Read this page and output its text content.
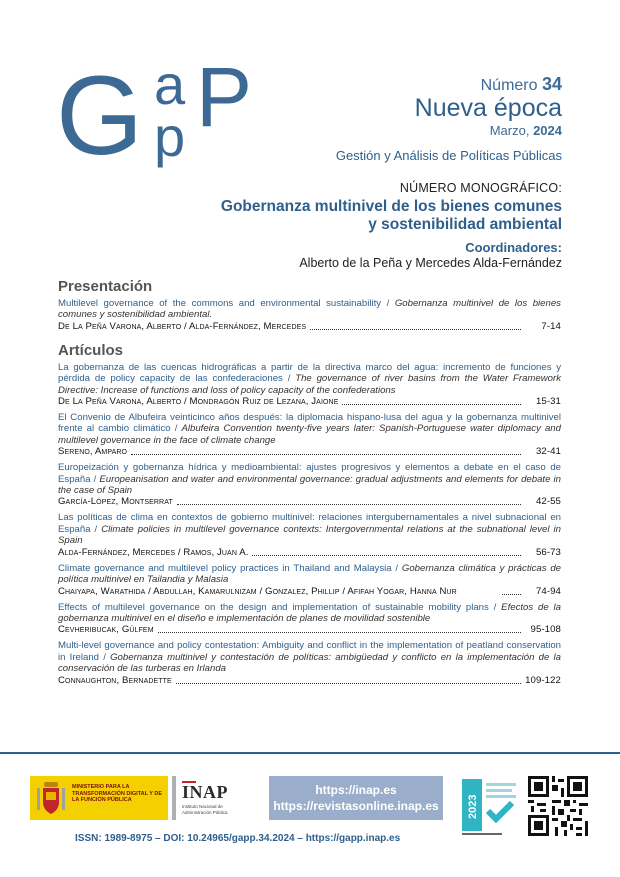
G a
p P	Número 34
Nueva época
Marzo, 2024
Gestión y Análisis de Políticas Públicas
NÚMERO MONOGRÁFICO:
Gobernanza multinivel de los bienes comunes
y sostenibilidad ambiental
Coordinadores:
Alberto de la Peña y Mercedes Alda-Fernández
Presentación
Multilevel governance of the commons and environmental sustainability / Gobernanza multinivel de los bienes comunes y sostenibilidad ambiental.
De La Peña Varona, Alberto / Alda-Fernández, Mercedes	7-14
Artículos
La gobernanza de las cuencas hidrográficas a partir de la directiva marco del agua: incremento de funciones y pérdida de policy capacity de las confederaciones / The governance of river basins from the Water Framework Directive: Increase of functions and loss of policy capacity of the confederations
De La Peña Varona, Alberto / Mondragón Ruiz de Lezana, Jaione	15-31
El Convenio de Albufeira veinticinco años después: la diplomacia hispano-lusa del agua y la gobernanza multinivel frente al cambio climático / Albufeira Convention twenty-five years later: Spanish-Portuguese water diplomacy and multilevel governance in the face of climate change
Sereno, Amparo	32-41
Europeización y gobernanza hídrica y medioambiental: ajustes progresivos y elementos a debate en el caso de España / Europeanisation and water and environmental governance: gradual adjustments and elements for debate in the case of Spain
García-López, Montserrat	42-55
Las políticas de clima en contextos de gobierno multinivel: relaciones intergubernamentales a nivel subnacional en España / Climate policies in multilevel governance contexts: Intergovernmental relations at the subnational level in Spain
Alda-Fernández, Mercedes / Ramos, Juan A.	56-73
Climate governance and multilevel policy practices in Thailand and Malaysia / Gobernanza climática y prácticas de política multinivel en Tailandia y Malasia
Chaiyapa, Warathida / Abdullah, Kamarulnizam / Gonzalez, Phillip / Afifah Yogar, Hanna Nur	74-94
Effects of multilevel governance on the design and implementation of sustainable mobility plans / Efectos de la gobernanza multinivel en el diseño e implementación de planes de movilidad sostenible
Cevheribucak, Gülfem	95-108
Multi-level governance and policy contestation: Ambiguity and conflict in the implementation of peatland conservation in Ireland / Gobernanza multinivel y contestación de políticas: ambigüedad y conflicto en la implementación de la conservación de las turberas en Irlanda
Connaughton, Bernadette	109-122
MINISTERIO PARA LA TRANSFORMACIÓN DIGITAL Y DE LA FUNCIÓN PÚBLICA	INAP
Instituto Nacional de Administración Pública
https://inap.es
https://revistasonline.inap.es	2023
ISSN: 1989-8975 – DOI: 10.24965/gapp.34.2024 – https://gapp.inap.es
